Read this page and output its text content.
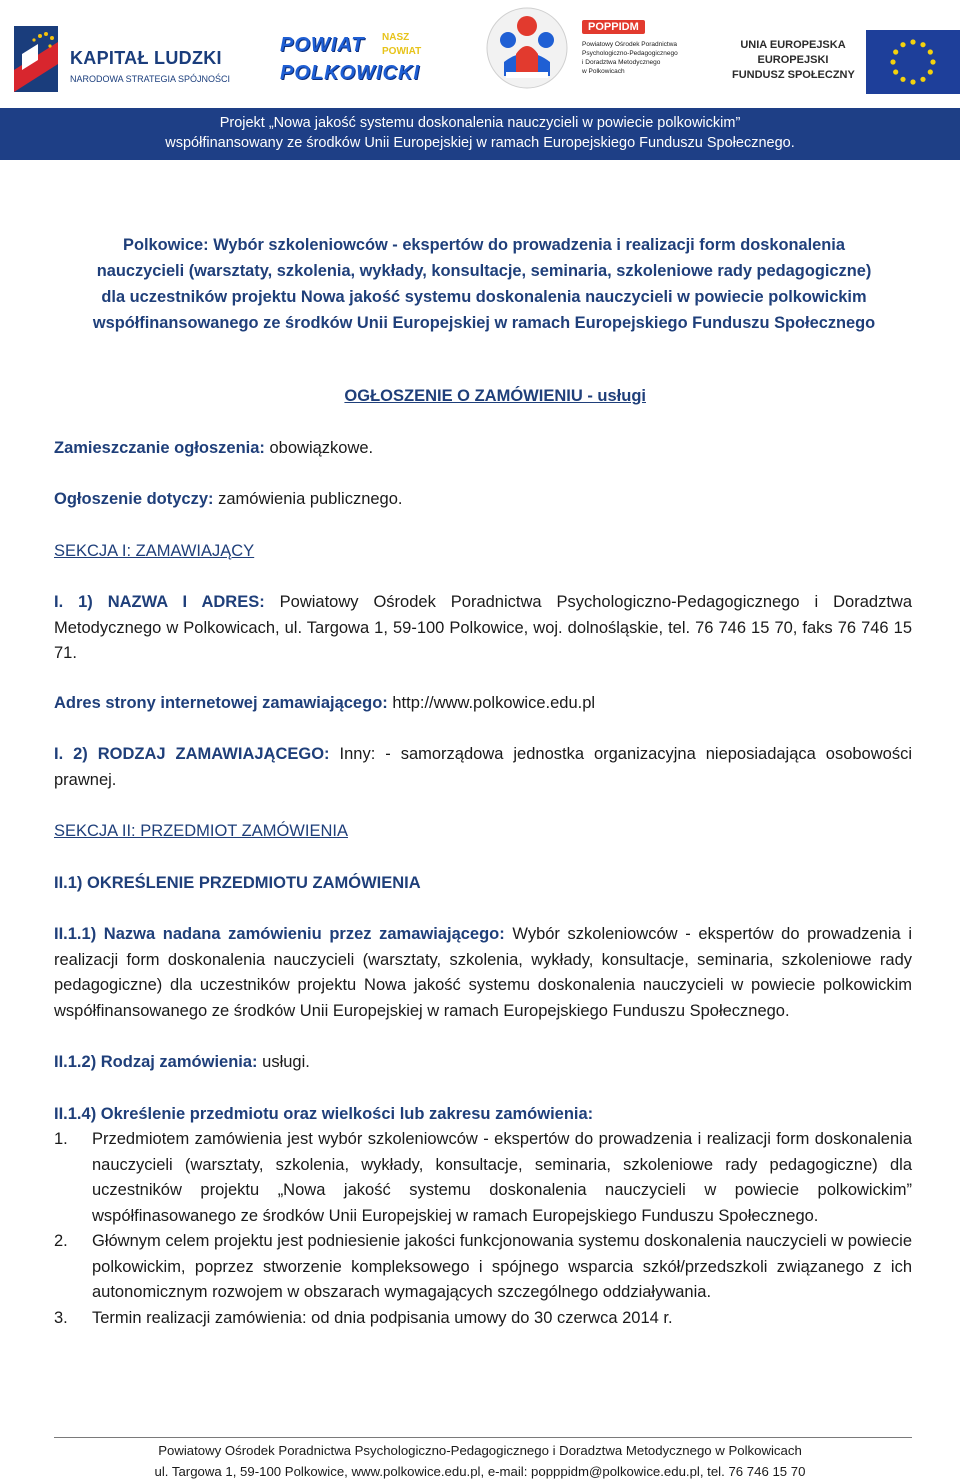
KAPITAŁ LUDZKI
NARODOWA STRATEGIA SPÓJNOŚCI
POWIAT
POLKOWICKI
NASZ
POWIAT
POPPIDM
Powiatowy Ośrodek Poradnictwa
Psychologiczno-Pedagogicznego
i Doradztwa Metodycznego
w Polkowicach
UNIA EUROPEJSKA
EUROPEJSKI
FUNDUSZ SPOŁECZNY
Projekt „Nowa jakość systemu doskonalenia nauczycieli w powiecie polkowickim”
współfinansowany ze środków Unii Europejskiej w ramach Europejskiego Funduszu Społecznego.
Polkowice: Wybór szkoleniowców - ekspertów do prowadzenia i realizacji form doskonalenia
nauczycieli (warsztaty, szkolenia, wykłady, konsultacje, seminaria, szkoleniowe rady pedagogiczne)
dla uczestników projektu Nowa jakość systemu doskonalenia nauczycieli w powiecie polkowickim
współfinansowanego ze środków Unii Europejskiej w ramach Europejskiego Funduszu Społecznego

OGŁOSZENIE O ZAMÓWIENIU - usługi

Zamieszczanie ogłoszenia: obowiązkowe.

Ogłoszenie dotyczy: zamówienia publicznego.

SEKCJA I: ZAMAWIAJĄCY

I. 1) NAZWA I ADRES: Powiatowy Ośrodek Poradnictwa Psychologiczno-Pedagogicznego i Doradztwa Metodycznego w Polkowicach, ul. Targowa 1, 59-100 Polkowice, woj. dolnośląskie, tel. 76 746 15 70, faks 76 746 15 71.

Adres strony internetowej zamawiającego: http://www.polkowice.edu.pl

I. 2) RODZAJ ZAMAWIAJĄCEGO: Inny: - samorządowa jednostka organizacyjna nieposiadająca osobowości prawnej.

SEKCJA II: PRZEDMIOT ZAMÓWIENIA

II.1) OKREŚLENIE PRZEDMIOTU ZAMÓWIENIA

II.1.1) Nazwa nadana zamówieniu przez zamawiającego: Wybór szkoleniowców - ekspertów do prowadzenia i realizacji form doskonalenia nauczycieli (warsztaty, szkolenia, wykłady, konsultacje, seminaria, szkoleniowe rady pedagogiczne) dla uczestników projektu Nowa jakość systemu doskonalenia nauczycieli w powiecie polkowickim współfinansowanego ze środków Unii Europejskiej w ramach Europejskiego Funduszu Społecznego.

II.1.2) Rodzaj zamówienia: usługi.

II.1.4) Określenie przedmiotu oraz wielkości lub zakresu zamówienia:

1.	Przedmiotem zamówienia jest wybór szkoleniowców - ekspertów do prowadzenia i realizacji form doskonalenia nauczycieli (warsztaty, szkolenia, wykłady, konsultacje, seminaria, szkoleniowe rady pedagogiczne) dla uczestników projektu „Nowa jakość systemu doskonalenia nauczycieli w powiecie polkowickim” współfinasowanego ze środków Unii Europejskiej w ramach Europejskiego Funduszu Społecznego.
2.	Głównym celem projektu jest podniesienie jakości funkcjonowania systemu doskonalenia nauczycieli w powiecie polkowickim, poprzez stworzenie kompleksowego i spójnego wsparcia szkół/przedszkoli związanego z ich autonomicznym rozwojem w obszarach wymagających szczególnego oddziaływania.
3.	Termin realizacji zamówienia: od dnia podpisania umowy do 30 czerwca 2014 r.
Powiatowy Ośrodek Poradnictwa Psychologiczno-Pedagogicznego i Doradztwa Metodycznego w Polkowicach
ul. Targowa 1, 59-100 Polkowice, www.polkowice.edu.pl, e-mail: popppidm@polkowice.edu.pl, tel. 76 746 15 70
